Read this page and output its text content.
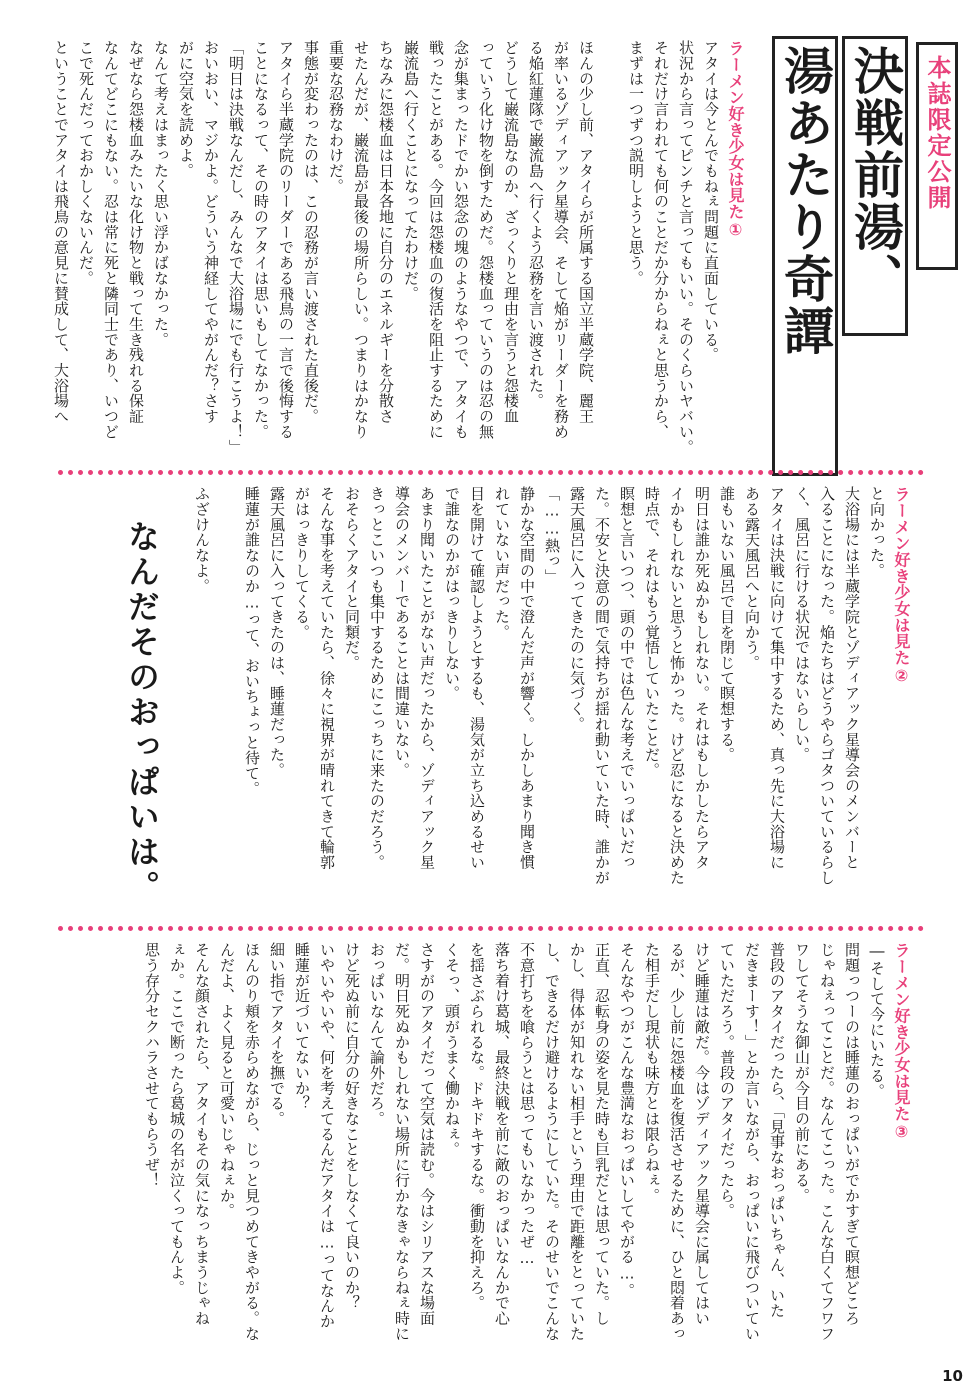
本誌限定公開
決戦前湯、
湯あたり奇譚
ラーメン好き少女は見た①
アタイは今とんでもねぇ問題に直面している。
状況から言ってピンチと言ってもいい。そのくらいヤバい。
それだけ言われても何のことだか分からねぇと思うから、
まずは一つずつ説明しようと思う。
ほんの少し前、アタイらが所属する国立半蔵学院、麗王
が率いるゾディアック星導会、そして焔がリーダーを務め
る焔紅蓮隊で巌流島へ行くよう忍務を言い渡された。
どうして巌流島なのか、ざっくりと理由を言うと怨楼血
っていう化け物を倒すためだ。怨楼血っていうのは忍の無
念が集まったドでかい怨念の塊のようなやつで、アタイも
戦ったことがある。今回は怨楼血の復活を阻止するために
巌流島へ行くことになってたわけだ。
ちなみに怨楼血は日本各地に自分のエネルギーを分散さ
せたんだが、巌流島が最後の場所らしい。つまりはかなり
重要な忍務なわけだ。
事態が変わったのは、この忍務が言い渡された直後だ。
アタイら半蔵学院のリーダーである飛鳥の一言で後悔する
ことになるって、その時のアタイは思いもしてなかった。
「明日は決戦なんだし、みんなで大浴場にでも行こうよ！」
おいおい、マジかよ。どういう神経してやがんだ？さす
がに空気を読めよ。
なんて考えはまったく思い浮かばなかった。
なぜなら怨楼血みたいな化け物と戦って生き残れる保証
なんてどこにもない。忍は常に死と隣同士であり、いつど
こで死んだっておかしくないんだ。
ということでアタイは飛鳥の意見に賛成して、大浴場へ
ラーメン好き少女は見た②
と向かった。
大浴場には半蔵学院とゾディアック星導会のメンバーと
入ることになった。焔たちはどうやらゴタついているらし
く、風呂に行ける状況ではないらしい。
アタイは決戦に向けて集中するため、真っ先に大浴場に
ある露天風呂へと向かう。
誰もいない風呂で目を閉じて瞑想する。
明日は誰か死ぬかもしれない。それはもしかしたらアタ
イかもしれないと思うと怖かった。けど忍になると決めた
時点で、それはもう覚悟していたことだ。
瞑想と言いつつ、頭の中では色んな考えでいっぱいだっ
た。不安と決意の間で気持ちが揺れ動いていた時、誰かが
露天風呂に入ってきたのに気づく。
「……熱っ」
静かな空間の中で澄んだ声が響く。しかしあまり聞き慣
れていない声だった。
目を開けて確認しようとするも、湯気が立ち込めるせい
で誰なのかがはっきりしない。
あまり聞いたことがない声だったから、ゾディアック星
導会のメンバーであることは間違いない。
きっとこいつも集中するためにこっちに来たのだろう。
おそらくアタイと同類だ。
そんな事を考えていたら、徐々に視界が晴れてきて輪郭
がはっきりしてくる。
露天風呂に入ってきたのは、睡蓮だった。
睡蓮が誰なのか…って、おいちょっと待て。
ふざけんなよ。
なんだそのおっぱいは。
ラーメン好き少女は見た③
―そして今にいたる。
問題っつーのは睡蓮のおっぱいがでかすぎて瞑想どころ
じゃねぇってことだ。なんてこった。こんな白くてフワフ
ワしてそうな御山が今目の前にある。
普段のアタイだったら、「見事なおっぱいちゃん、いた
だきまーす！」とか言いながら、おっぱいに飛びついてい
ていただろう。普段のアタイだったら。
けど睡蓮は敵だ。今はゾディアック星導会に属してはい
るが、少し前に怨楼血を復活させるために、ひと悶着あっ
た相手だし現状も味方とは限らねぇ。
そんなやつがこんな豊満なおっぱいしてやがる…。
正直、忍転身の姿を見た時も巨乳だとは思っていた。し
かし、得体が知れない相手という理由で距離をとっていた
し、できるだけ避けるようにしていた。そのせいでこんな
不意打ちを喰らうとは思ってもいなかったぜ…
落ち着け葛城、最終決戦を前に敵のおっぱいなんかで心
を揺さぶられるな。ドキドキするな。衝動を抑えろ。
くそっ、頭がうまく働かねぇ。
さすがのアタイだって空気は読む。今はシリアスな場面
だ。明日死ぬかもしれない場所に行かなきゃならねぇ時に
おっぱいなんて論外だろ。
けど死ぬ前に自分の好きなことをしなくて良いのか？
いやいやいや、何を考えてるんだアタイは…ってなんか
睡蓮が近づいてないか？
細い指でアタイを撫でる。
ほんのり頬を赤らめながら、じっと見つめてきやがる。な
んだよ、よく見ると可愛いじゃねぇか。
そんな顔されたら、アタイもその気になっちまうじゃね
ぇか。ここで断ったら葛城の名が泣くってもんよ。
思う存分セクハラさせてもらうぜ！
10
